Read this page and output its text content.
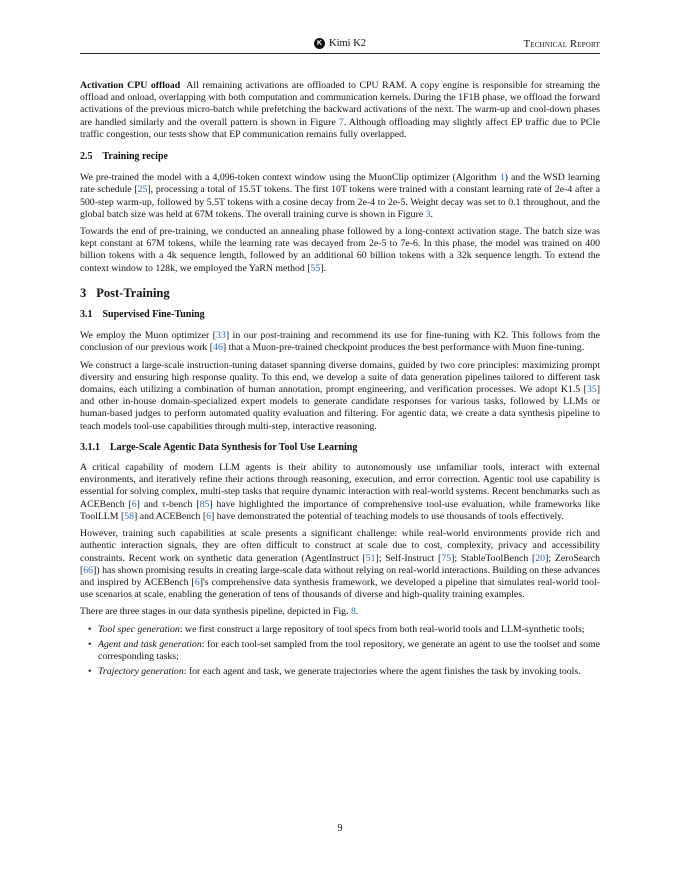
K Kimi K2	Technical Report

Activation CPU offload All remaining activations are offloaded to CPU RAM. A copy engine is responsible for streaming the offload and onload, overlapping with both computation and communication kernels. During the 1F1B phase, we offload the forward activations of the previous micro-batch while prefetching the backward activations of the next. The warm-up and cool-down phases are handled similarly and the overall pattern is shown in Figure 7. Although offloading may slightly affect EP traffic due to PCIe traffic congestion, our tests show that EP communication remains fully overlapped.

2.5 Training recipe

We pre-trained the model with a 4,096-token context window using the MuonClip optimizer (Algorithm 1) and the WSD learning rate schedule [25], processing a total of 15.5T tokens. The first 10T tokens were trained with a constant learning rate of 2e-4 after a 500-step warm-up, followed by 5.5T tokens with a cosine decay from 2e-4 to 2e-5. Weight decay was set to 0.1 throughout, and the global batch size was held at 67M tokens. The overall training curve is shown in Figure 3.

Towards the end of pre-training, we conducted an annealing phase followed by a long-context activation stage. The batch size was kept constant at 67M tokens, while the learning rate was decayed from 2e-5 to 7e-6. In this phase, the model was trained on 400 billion tokens with a 4k sequence length, followed by an additional 60 billion tokens with a 32k sequence length. To extend the context window to 128k, we employed the YaRN method [55].

3 Post-Training
3.1 Supervised Fine-Tuning

We employ the Muon optimizer [33] in our post-training and recommend its use for fine-tuning with K2. This follows from the conclusion of our previous work [46] that a Muon-pre-trained checkpoint produces the best performance with Muon fine-tuning.

We construct a large-scale instruction-tuning dataset spanning diverse domains, guided by two core principles: maximizing prompt diversity and ensuring high response quality. To this end, we develop a suite of data generation pipelines tailored to different task domains, each utilizing a combination of human annotation, prompt engineering, and verification processes. We adopt K1.5 [35] and other in-house domain-specialized expert models to generate candidate responses for various tasks, followed by LLMs or human-based judges to perform automated quality evaluation and filtering. For agentic data, we create a data synthesis pipeline to teach models tool-use capabilities through multi-step, interactive reasoning.

3.1.1 Large-Scale Agentic Data Synthesis for Tool Use Learning

A critical capability of modern LLM agents is their ability to autonomously use unfamiliar tools, interact with external environments, and iteratively refine their actions through reasoning, execution, and error correction. Agentic tool use capability is essential for solving complex, multi-step tasks that require dynamic interaction with real-world systems. Recent benchmarks such as ACEBench [6] and τ-bench [85] have highlighted the importance of comprehensive tool-use evaluation, while frameworks like ToolLLM [58] and ACEBench [6] have demonstrated the potential of teaching models to use thousands of tools effectively.

However, training such capabilities at scale presents a significant challenge: while real-world environments provide rich and authentic interaction signals, they are often difficult to construct at scale due to cost, complexity, privacy and accessibility constraints. Recent work on synthetic data generation (AgentInstruct [51]; Self-Instruct [75]; StableToolBench [20]; ZeroSearch [66]) has shown promising results in creating large-scale data without relying on real-world interactions. Building on these advances and inspired by ACEBench [6]'s comprehensive data synthesis framework, we developed a pipeline that simulates real-world tool-use scenarios at scale, enabling the generation of tens of thousands of diverse and high-quality training examples.

There are three stages in our data synthesis pipeline, depicted in Fig. 8.

• Tool spec generation: we first construct a large repository of tool specs from both real-world tools and LLM-synthetic tools;
• Agent and task generation: for each tool-set sampled from the tool repository, we generate an agent to use the toolset and some corresponding tasks;
• Trajectory generation: for each agent and task, we generate trajectories where the agent finishes the task by invoking tools.
9
